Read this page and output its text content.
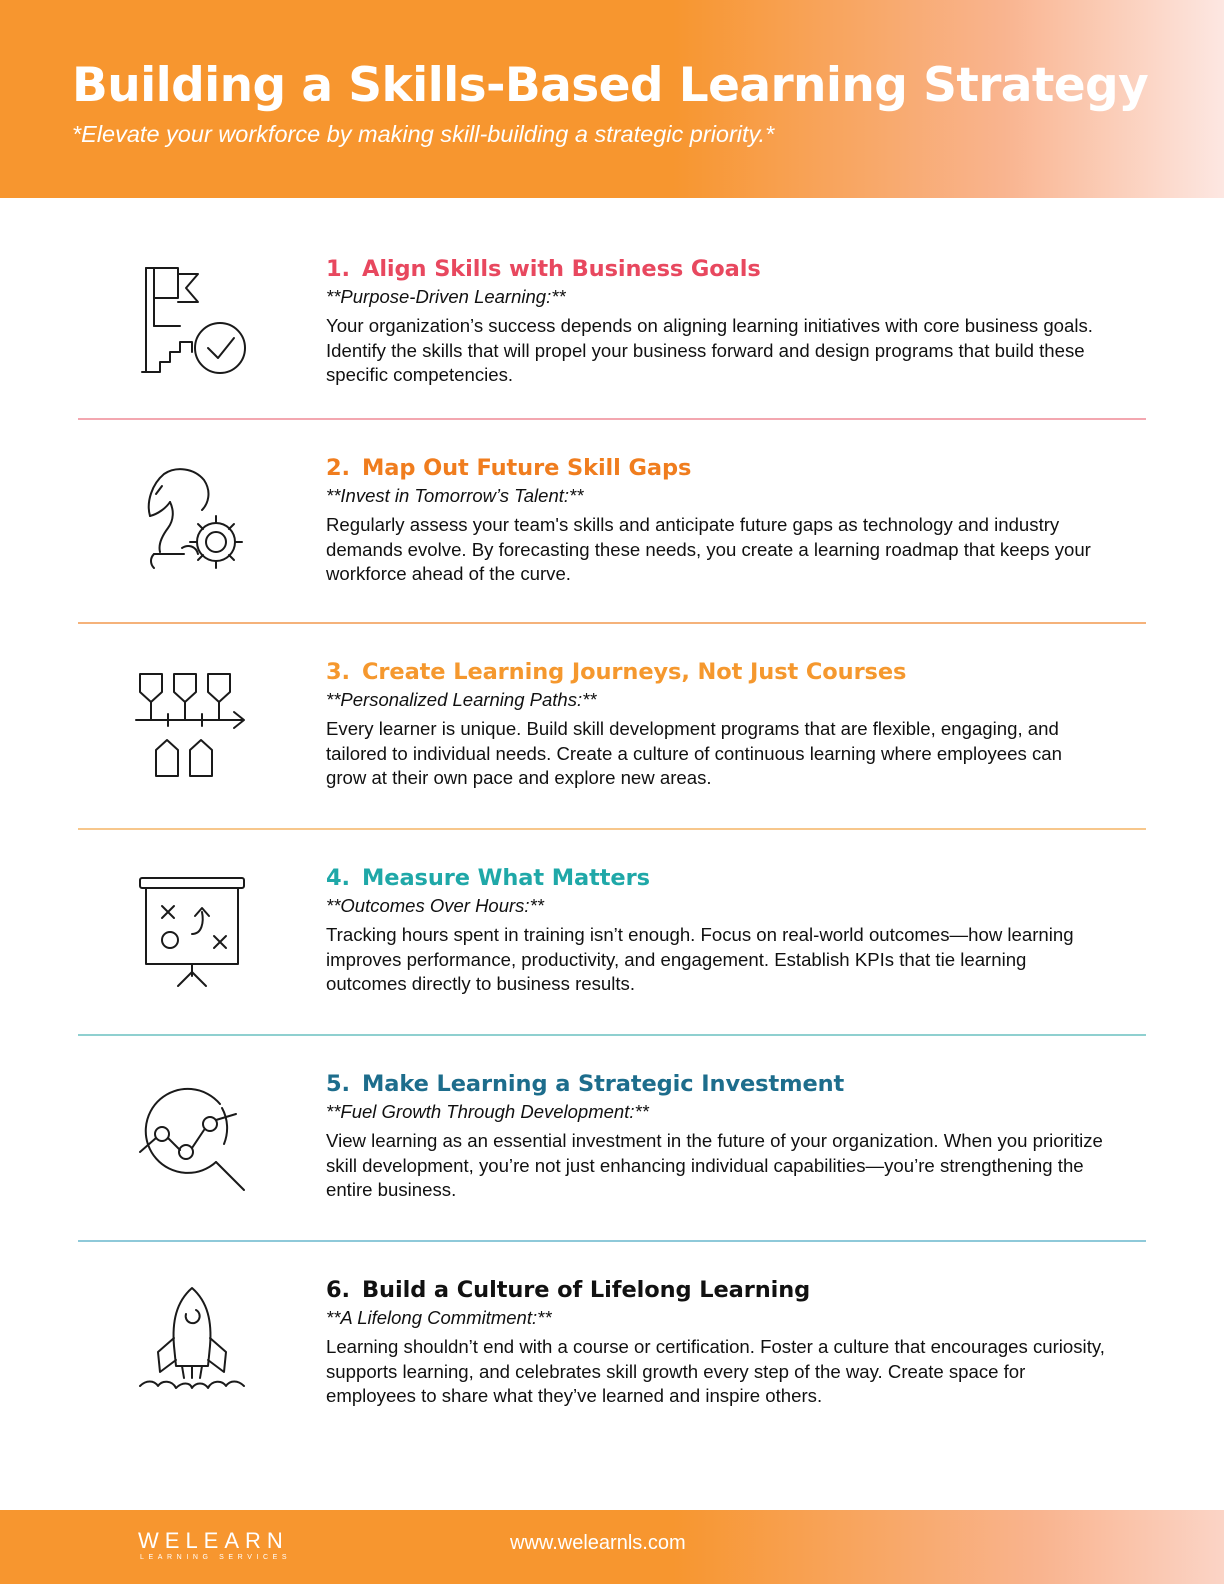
Building a Skills-Based Learning Strategy
*Elevate your workforce by making skill-building a strategic priority.*
1. Align Skills with Business Goals
**Purpose-Driven Learning:**
Your organization’s success depends on aligning learning initiatives with core business goals. Identify the skills that will propel your business forward and design programs that build these specific competencies.
2. Map Out Future Skill Gaps
**Invest in Tomorrow’s Talent:**
Regularly assess your team's skills and anticipate future gaps as technology and industry demands evolve. By forecasting these needs, you create a learning roadmap that keeps your workforce ahead of the curve.
3. Create Learning Journeys, Not Just Courses
**Personalized Learning Paths:**
Every learner is unique. Build skill development programs that are flexible, engaging, and tailored to individual needs. Create a culture of continuous learning where employees can grow at their own pace and explore new areas.
4. Measure What Matters
**Outcomes Over Hours:**
Tracking hours spent in training isn’t enough. Focus on real-world outcomes—how learning improves performance, productivity, and engagement. Establish KPIs that tie learning outcomes directly to business results.
5. Make Learning a Strategic Investment
**Fuel Growth Through Development:**
View learning as an essential investment in the future of your organization. When you prioritize skill development, you’re not just enhancing individual capabilities—you’re strengthening the entire business.
6. Build a Culture of Lifelong Learning
**A Lifelong Commitment:**
Learning shouldn’t end with a course or certification. Foster a culture that encourages curiosity, supports learning, and celebrates skill growth every step of the way. Create space for employees to share what they’ve learned and inspire others.
WELEARN
LEARNING SERVICES
www.welearnls.com
